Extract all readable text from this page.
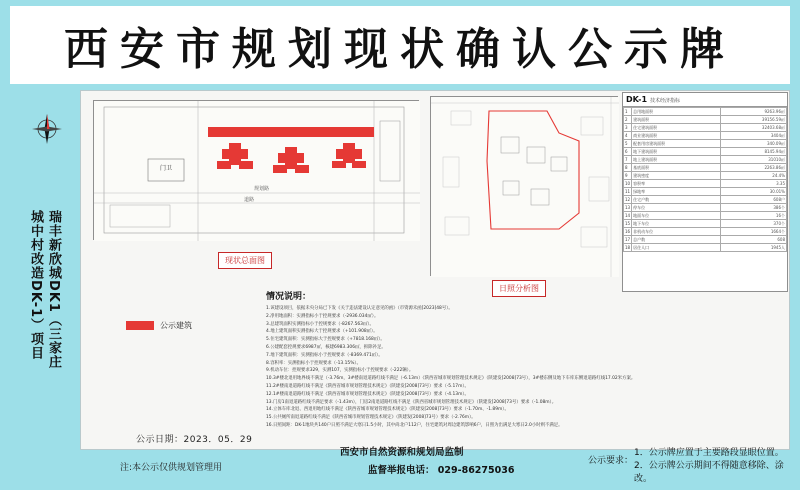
西安市规划现状确认公示牌
瑞丰新欣城DK1（三家庄
城中村改造DK-1）项目
门卫
规划路
道路
现状总面图
日照分析图
DK-1 技术经济指标
1	总用地面积	9263.96㎡
2	建筑面积	39156.59㎡
3	住宅建筑面积	32403.68㎡
4	商业建筑面积	3404㎡
5	配套用房建筑面积	340.09㎡
6	地下建筑面积	8145.94㎡
7	地上建筑面积	31010㎡
8	基底面积	2263.86㎡
9	建筑密度	24.4%
10	容积率	3.35
11	绿地率	30.01%
12	住宅户数	608户
13	停车位	386个
14	地面车位	16个
15	地下车位	370个
16	非机动车位	1664个
17	总户数	608
18	居住人口	1945人
公示建筑
情况说明：
1.该建设项目，依据未央分局已下发《关于违法建设认定意见的函》（市资源未函[2023]48号）。
2.净用地面积：实测指标小于控规要求（-2936.034㎡）。
3.总建筑面积实测指标小于控规要求（-8267.563㎡）。
4.地上建筑面积实测指标大于控规要求（+101.908㎡）。
5.住宅建筑面积：实测指标大于控规要求（+7818.168㎡）。
6.公建配套控规要求6987㎡，核建6983.306㎡，拆除补足。
7.地下建筑面积：实测指标小于控规要求（-8369.471㎡）。
8.容积率：实测指标小于控规要求（-13.15%）。
9.机动车位：控规要求329，实测107，实测指标小于控规要求（-222辆）。
10.3#楼北退用地界线不满足（-3.76m，3#楼南退道路红线不满足（-6.13m）《陕西省城市规划管理技术规定》（陕建发[2008]73号），3#楼东侧及地下车库东侧退道路红线17.02米方案。
11.2#楼南退道路红线不满足《陕西省城市规划管理技术规定》（陕建发[2008]73号）要求（-5.17m）。
12.1#楼南退道路红线不满足《陕西省城市规划管理技术规定》（陕建发[2008]73号）要求（-4.13m）。
13.门房1南退道路红线不满足要求（-1.43m），门房2南退道路红线不满足《陕西省城市规划管理技术规定》（陕建发[2008]73号）要求（-1.08m）。
14.立体车库北退、西退用地红线不满足《陕西省城市规划管理技术规定》（陕建发[2008]73号）要求（-1.70m、-1.89m）。
15.公共厕所南退道路红线不满足《陕西省城市规划管理技术规定》（陕建发[2008]73号）要求（-2.76m）。
16.日照间距：DK-1地块共140户日照不满足大寒日1.5小时，其中尚北户112户，住宅建筑对周边建筑影响6户，日照为出满足大寒日2.0小时则不满足。
公示日期：2023．05．29
注:本公示仅供规划管理用
西安市自然资源和规划局监制
监督举报电话： 029-86275036
公示要求：
1．公示牌应置于主要路段显眼位置。
2．公示牌公示期间不得随意移除、涂改。
